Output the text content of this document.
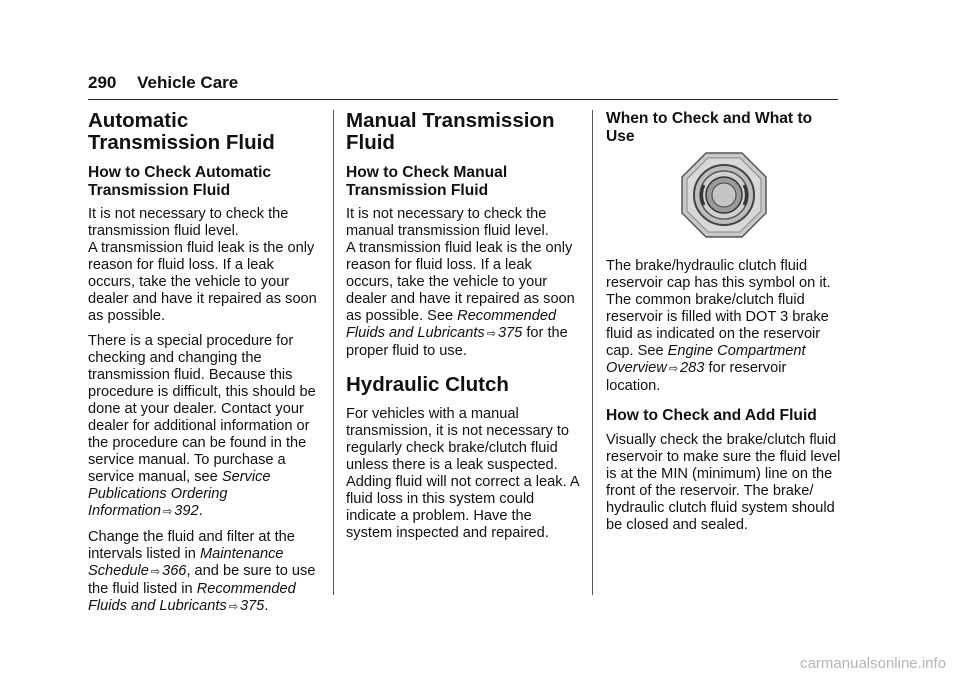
290 Vehicle Care
Automatic Transmission Fluid
How to Check Automatic Transmission Fluid

It is not necessary to check the transmission fluid level.
A transmission fluid leak is the only reason for fluid loss. If a leak occurs, take the vehicle to your dealer and have it repaired as soon as possible.

There is a special procedure for checking and changing the transmission fluid. Because this procedure is difficult, this should be done at your dealer. Contact your dealer for additional information or the procedure can be found in the service manual. To purchase a service manual, see Service Publications Ordering Information ⇨ 392.

Change the fluid and filter at the intervals listed in Maintenance Schedule ⇨ 366, and be sure to use the fluid listed in Recommended Fluids and Lubricants ⇨ 375.

Manual Transmission Fluid
How to Check Manual Transmission Fluid

It is not necessary to check the manual transmission fluid level.
A transmission fluid leak is the only reason for fluid loss. If a leak occurs, take the vehicle to your dealer and have it repaired as soon as possible. See Recommended Fluids and Lubricants ⇨ 375 for the proper fluid to use.

Hydraulic Clutch

For vehicles with a manual transmission, it is not necessary to regularly check brake/clutch fluid unless there is a leak suspected. Adding fluid will not correct a leak. A fluid loss in this system could indicate a problem. Have the system inspected and repaired.

When to Check and What to Use

The brake/hydraulic clutch fluid reservoir cap has this symbol on it. The common brake/clutch fluid reservoir is filled with DOT 3 brake fluid as indicated on the reservoir cap. See Engine Compartment Overview ⇨ 283 for reservoir location.

How to Check and Add Fluid

Visually check the brake/clutch fluid reservoir to make sure the fluid level is at the MIN (minimum) line on the front of the reservoir. The brake/ hydraulic clutch fluid system should be closed and sealed.

carmanualsonline.info
